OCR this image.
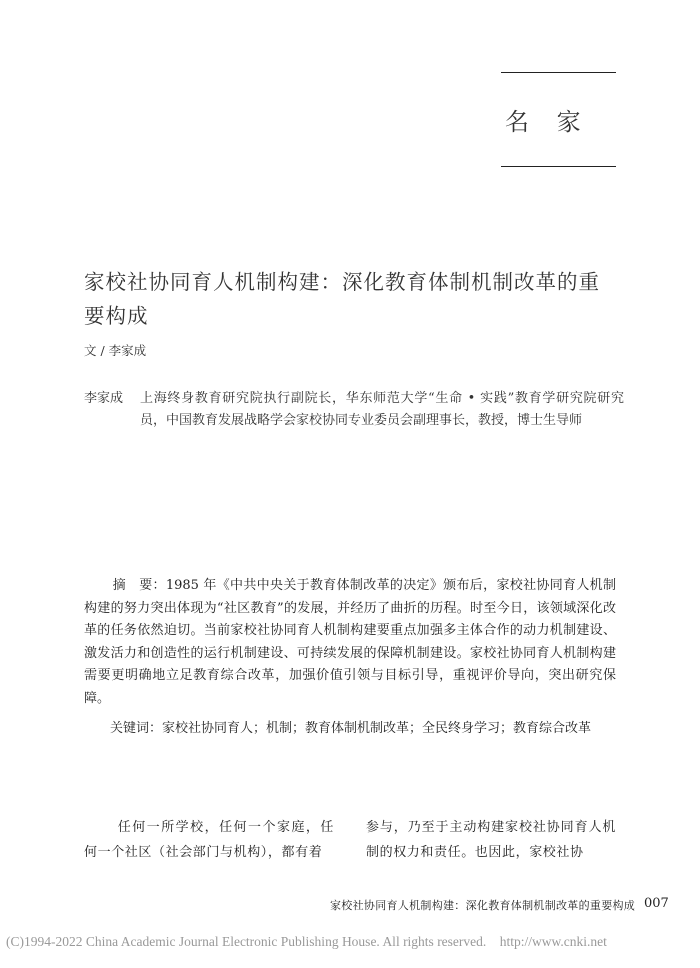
名 家
家校社协同育人机制构建：深化教育体制机制改革的重要构成
文 / 李家成
李家成 上海终身教育研究院执行副院长，华东师范大学“生命 • 实践”教育学研究院研究员，中国教育发展战略学会家校协同专业委员会副理事长，教授，博士生导师
摘　要：1985 年《中共中央关于教育体制改革的决定》颁布后，家校社协同育人机制构建的努力突出体现为“社区教育”的发展，并经历了曲折的历程。时至今日，该领域深化改革的任务依然迫切。当前家校社协同育人机制构建要重点加强多主体合作的动力机制建设、激发活力和创造性的运行机制建设、可持续发展的保障机制建设。家校社协同育人机制构建需要更明确地立足教育综合改革，加强价值引领与目标引导，重视评价导向，突出研究保障。
关键词：家校社协同育人；机制；教育体制机制改革；全民终身学习；教育综合改革
任何一所学校，任何一个家庭，任何一个社区（社会部门与机构），都有着
参与，乃至于主动构建家校社协同育人机制的权力和责任。也因此，家校社协
家校社协同育人机制构建：深化教育体制机制改革的重要构成 007
(C)1994-2022 China Academic Journal Electronic Publishing House. All rights reserved.　http://www.cnki.net
